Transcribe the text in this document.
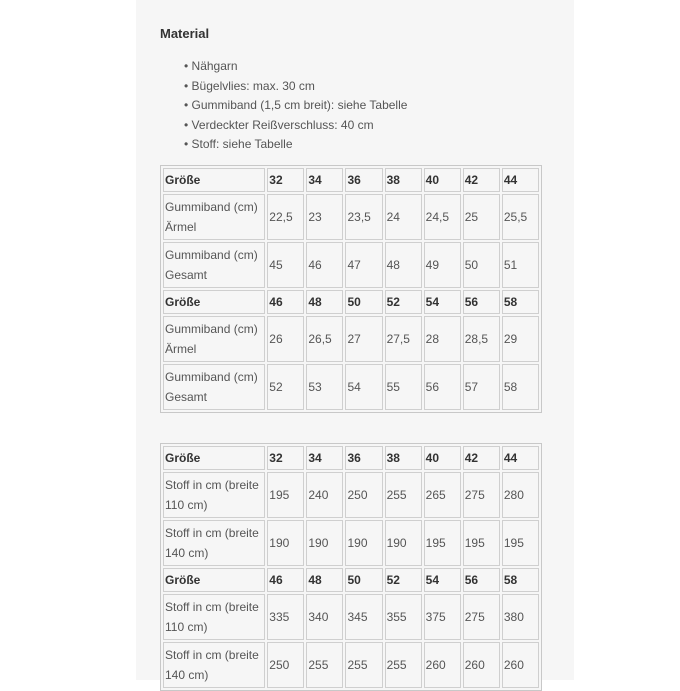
Material
• Nähgarn
• Bügelvlies: max. 30 cm
• Gummiband (1,5 cm breit): siehe Tabelle
• Verdeckter Reißverschluss: 40 cm
• Stoff: siehe Tabelle
Größe	32	34	36	38	40	42	44
Gummiband (cm) Ärmel	22,5	23	23,5	24	24,5	25	25,5
Gummiband (cm) Gesamt	45	46	47	48	49	50	51
Größe	46	48	50	52	54	56	58
Gummiband (cm) Ärmel	26	26,5	27	27,5	28	28,5	29
Gummiband (cm) Gesamt	52	53	54	55	56	57	58
Größe	32	34	36	38	40	42	44
Stoff in cm (breite 110 cm)	195	240	250	255	265	275	280
Stoff in cm (breite 140 cm)	190	190	190	190	195	195	195
Größe	46	48	50	52	54	56	58
Stoff in cm (breite 110 cm)	335	340	345	355	375	275	380
Stoff in cm (breite 140 cm)	250	255	255	255	260	260	260
